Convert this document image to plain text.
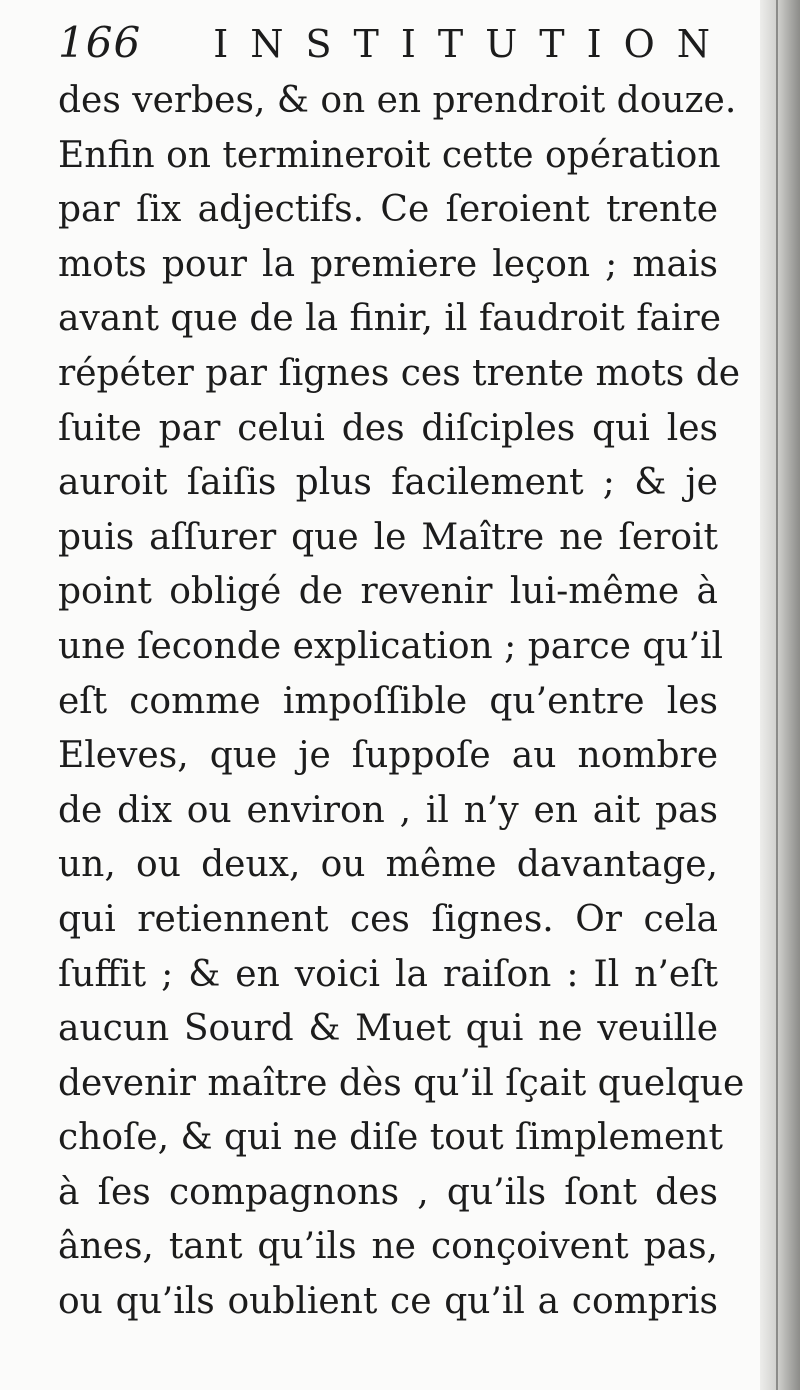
166 INSTITUTION
des verbes, & on en prendroit douze.
Enfin on termineroit cette opération
par ſix adjectifs. Ce ſeroient trente
mots pour la premiere leçon ; mais
avant que de la finir, il faudroit faire
répéter par ſignes ces trente mots de
ſuite par celui des diſciples qui les
auroit ſaiſis plus facilement ; & je
puis aſſurer que le Maître ne ſeroit
point obligé de revenir lui-même à
une ſeconde explication ; parce qu’il
eſt comme impoſſible qu’entre les
Eleves, que je ſuppoſe au nombre
de dix ou environ , il n’y en ait pas
un, ou deux, ou même davantage,
qui retiennent ces ſignes. Or cela
ſuffit ; & en voici la raiſon : Il n’eſt
aucun Sourd & Muet qui ne veuille
devenir maître dès qu’il ſçait quelque
choſe, & qui ne diſe tout ſimplement
à ſes compagnons , qu’ils ſont des
ânes, tant qu’ils ne conçoivent pas,
ou qu’ils oublient ce qu’il a compris
